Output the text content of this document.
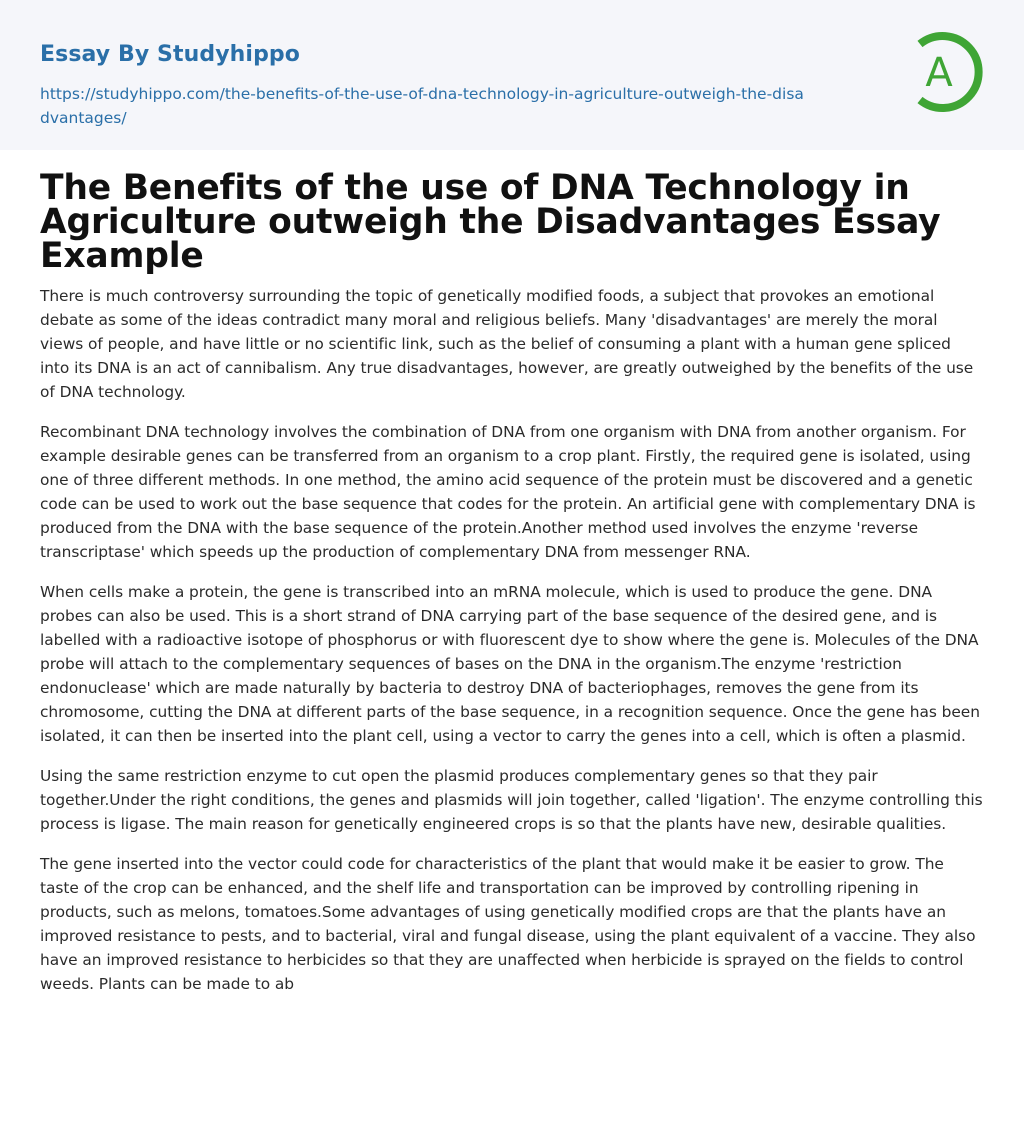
Essay By Studyhippo
https://studyhippo.com/the-benefits-of-the-use-of-dna-technology-in-agriculture-outweigh-the-disadvantages/
A
The Benefits of the use of DNA Technology in Agriculture outweigh the Disadvantages Essay Example

There is much controversy surrounding the topic of genetically modified foods, a subject that provokes an emotional debate as some of the ideas contradict many moral and religious beliefs. Many 'disadvantages' are merely the moral views of people, and have little or no scientific link, such as the belief of consuming a plant with a human gene spliced into its DNA is an act of cannibalism. Any true disadvantages, however, are greatly outweighed by the benefits of the use of DNA technology.

Recombinant DNA technology involves the combination of DNA from one organism with DNA from another organism. For example desirable genes can be transferred from an organism to a crop plant. Firstly, the required gene is isolated, using one of three different methods. In one method, the amino acid sequence of the protein must be discovered and a genetic code can be used to work out the base sequence that codes for the protein. An artificial gene with complementary DNA is produced from the DNA with the base sequence of the protein.Another method used involves the enzyme 'reverse transcriptase' which speeds up the production of complementary DNA from messenger RNA.

When cells make a protein, the gene is transcribed into an mRNA molecule, which is used to produce the gene. DNA probes can also be used. This is a short strand of DNA carrying part of the base sequence of the desired gene, and is labelled with a radioactive isotope of phosphorus or with fluorescent dye to show where the gene is. Molecules of the DNA probe will attach to the complementary sequences of bases on the DNA in the organism.The enzyme 'restriction endonuclease' which are made naturally by bacteria to destroy DNA of bacteriophages, removes the gene from its chromosome, cutting the DNA at different parts of the base sequence, in a recognition sequence. Once the gene has been isolated, it can then be inserted into the plant cell, using a vector to carry the genes into a cell, which is often a plasmid.

Using the same restriction enzyme to cut open the plasmid produces complementary genes so that they pair together.Under the right conditions, the genes and plasmids will join together, called 'ligation'. The enzyme controlling this process is ligase. The main reason for genetically engineered crops is so that the plants have new, desirable qualities.

The gene inserted into the vector could code for characteristics of the plant that would make it be easier to grow. The taste of the crop can be enhanced, and the shelf life and transportation can be improved by controlling ripening in products, such as melons, tomatoes.Some advantages of using genetically modified crops are that the plants have an improved resistance to pests, and to bacterial, viral and fungal disease, using the plant equivalent of a vaccine. They also have an improved resistance to herbicides so that they are unaffected when herbicide is sprayed on the fields to control weeds. Plants can be made to ab
